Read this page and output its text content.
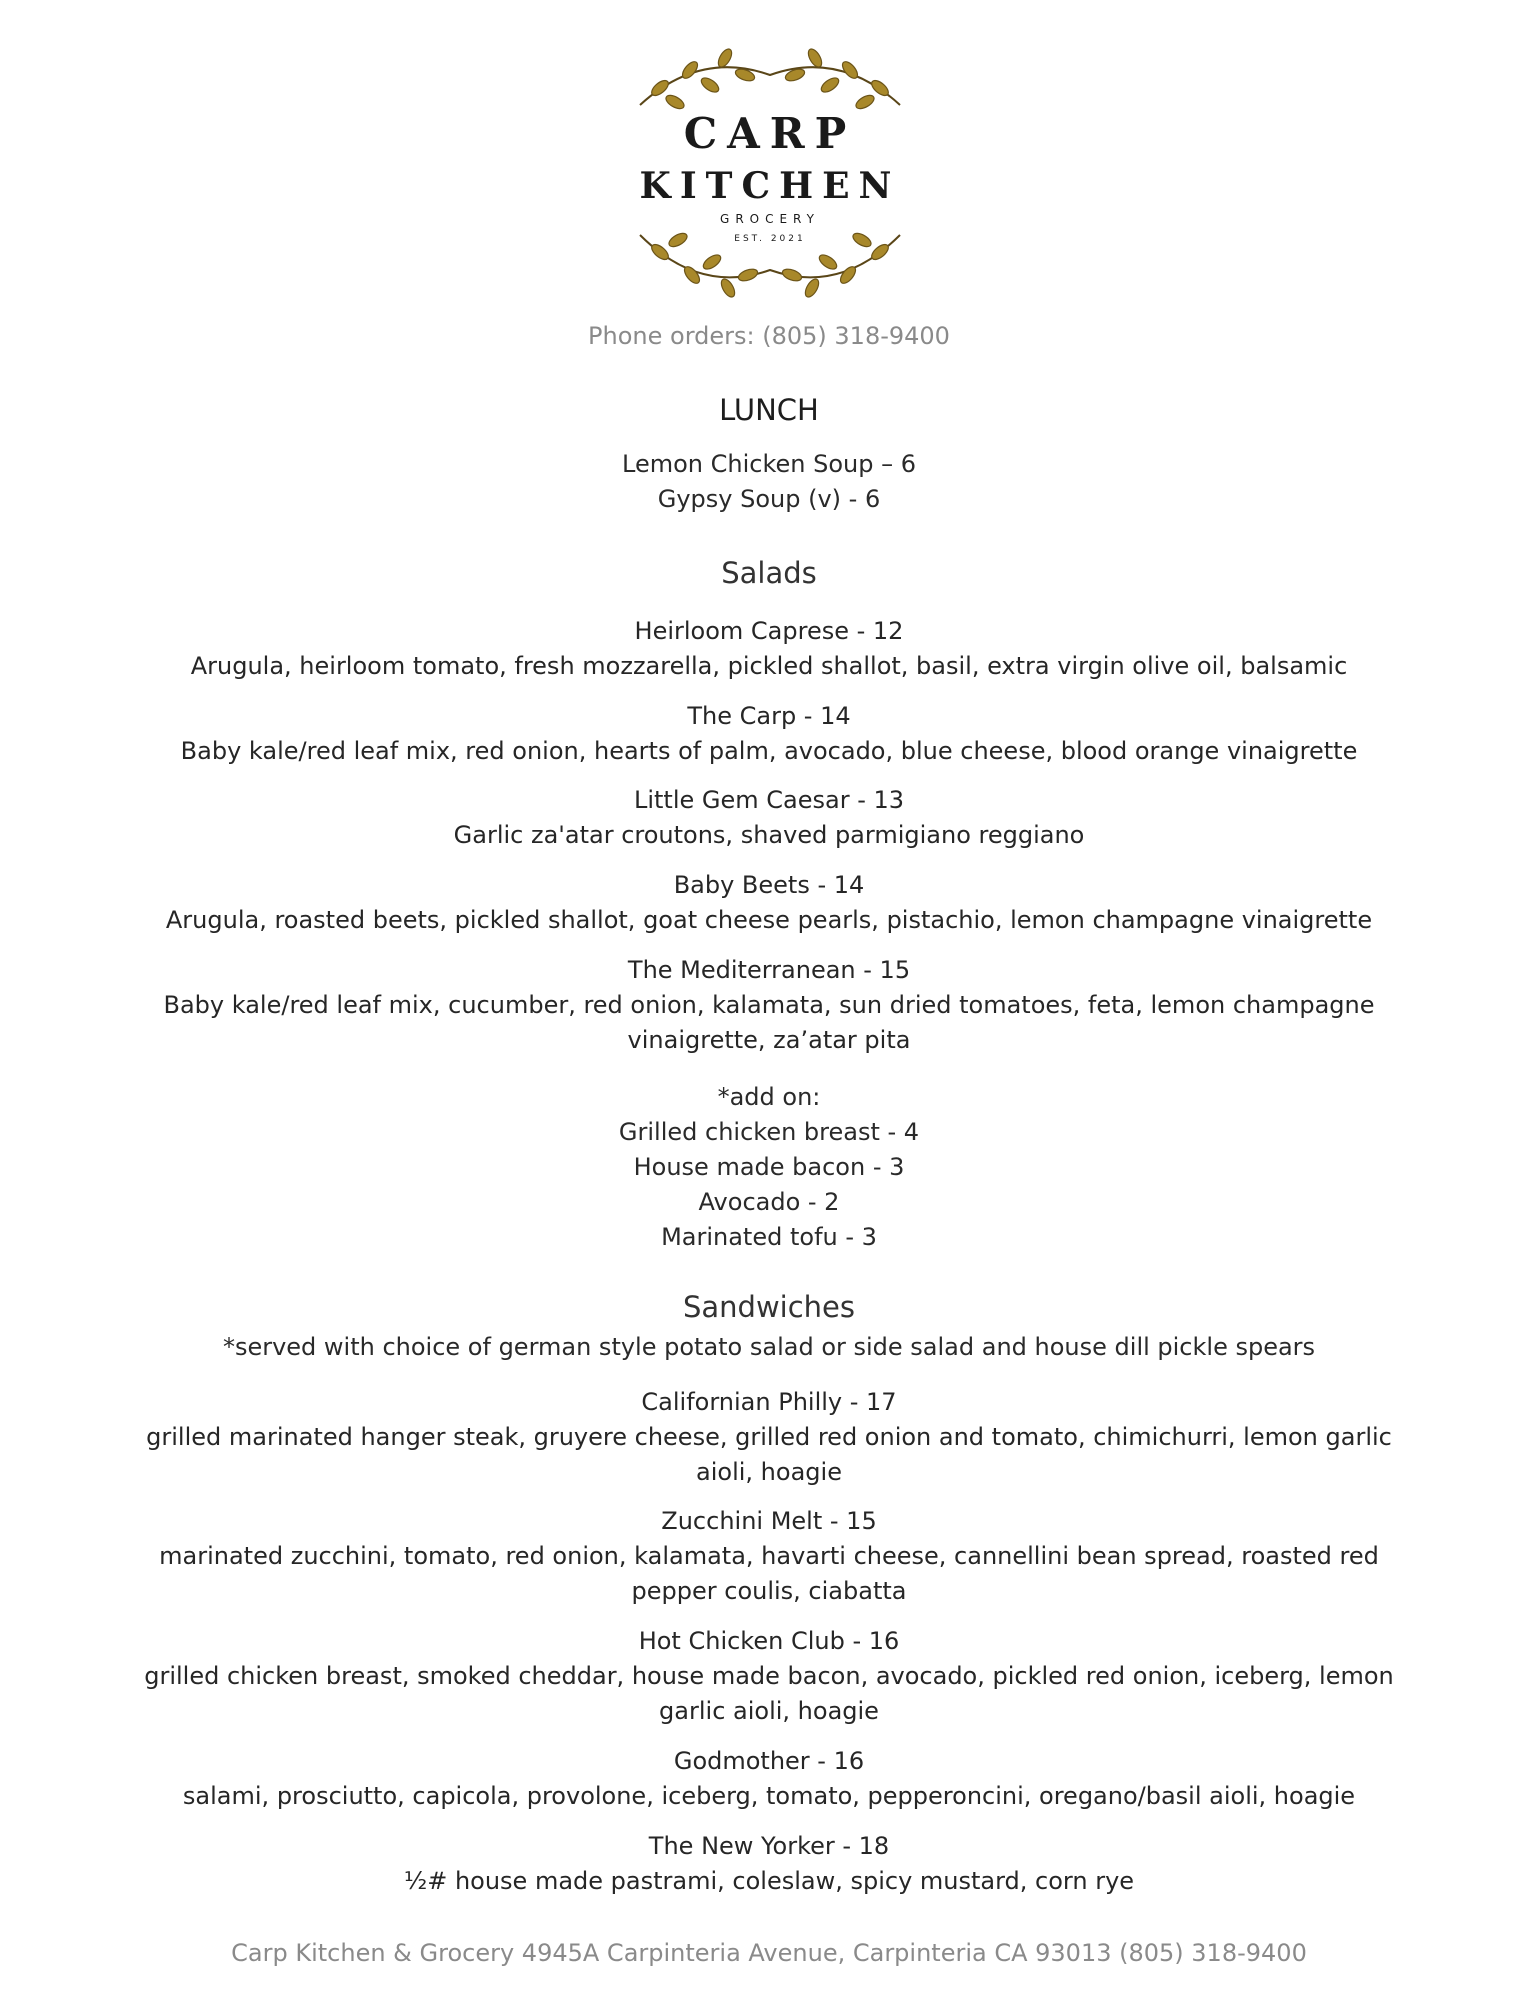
CARP
KITCHEN
GROCERY
EST. 2021
Phone orders: (805) 318-9400
LUNCH
Lemon Chicken Soup – 6
Gypsy Soup (v) - 6
Salads
Heirloom Caprese - 12
Arugula, heirloom tomato, fresh mozzarella, pickled shallot, basil, extra virgin olive oil, balsamic
The Carp - 14
Baby kale/red leaf mix, red onion, hearts of palm, avocado, blue cheese, blood orange vinaigrette
Little Gem Caesar - 13
Garlic za'atar croutons, shaved parmigiano reggiano
Baby Beets - 14
Arugula, roasted beets, pickled shallot, goat cheese pearls, pistachio, lemon champagne vinaigrette
The Mediterranean - 15
Baby kale/red leaf mix, cucumber, red onion, kalamata, sun dried tomatoes, feta, lemon champagne vinaigrette, za’atar pita
*add on:
Grilled chicken breast - 4
House made bacon - 3
Avocado - 2
Marinated tofu - 3
Sandwiches
*served with choice of german style potato salad or side salad and house dill pickle spears
Californian Philly - 17
grilled marinated hanger steak, gruyere cheese, grilled red onion and tomato, chimichurri, lemon garlic aioli, hoagie
Zucchini Melt - 15
marinated zucchini, tomato, red onion, kalamata, havarti cheese, cannellini bean spread, roasted red pepper coulis, ciabatta
Hot Chicken Club - 16
grilled chicken breast, smoked cheddar, house made bacon, avocado, pickled red onion, iceberg, lemon garlic aioli, hoagie
Godmother - 16
salami, prosciutto, capicola, provolone, iceberg, tomato, pepperoncini, oregano/basil aioli, hoagie
The New Yorker - 18
½# house made pastrami, coleslaw, spicy mustard, corn rye
Carp Kitchen & Grocery 4945A Carpinteria Avenue, Carpinteria CA 93013 (805) 318-9400
